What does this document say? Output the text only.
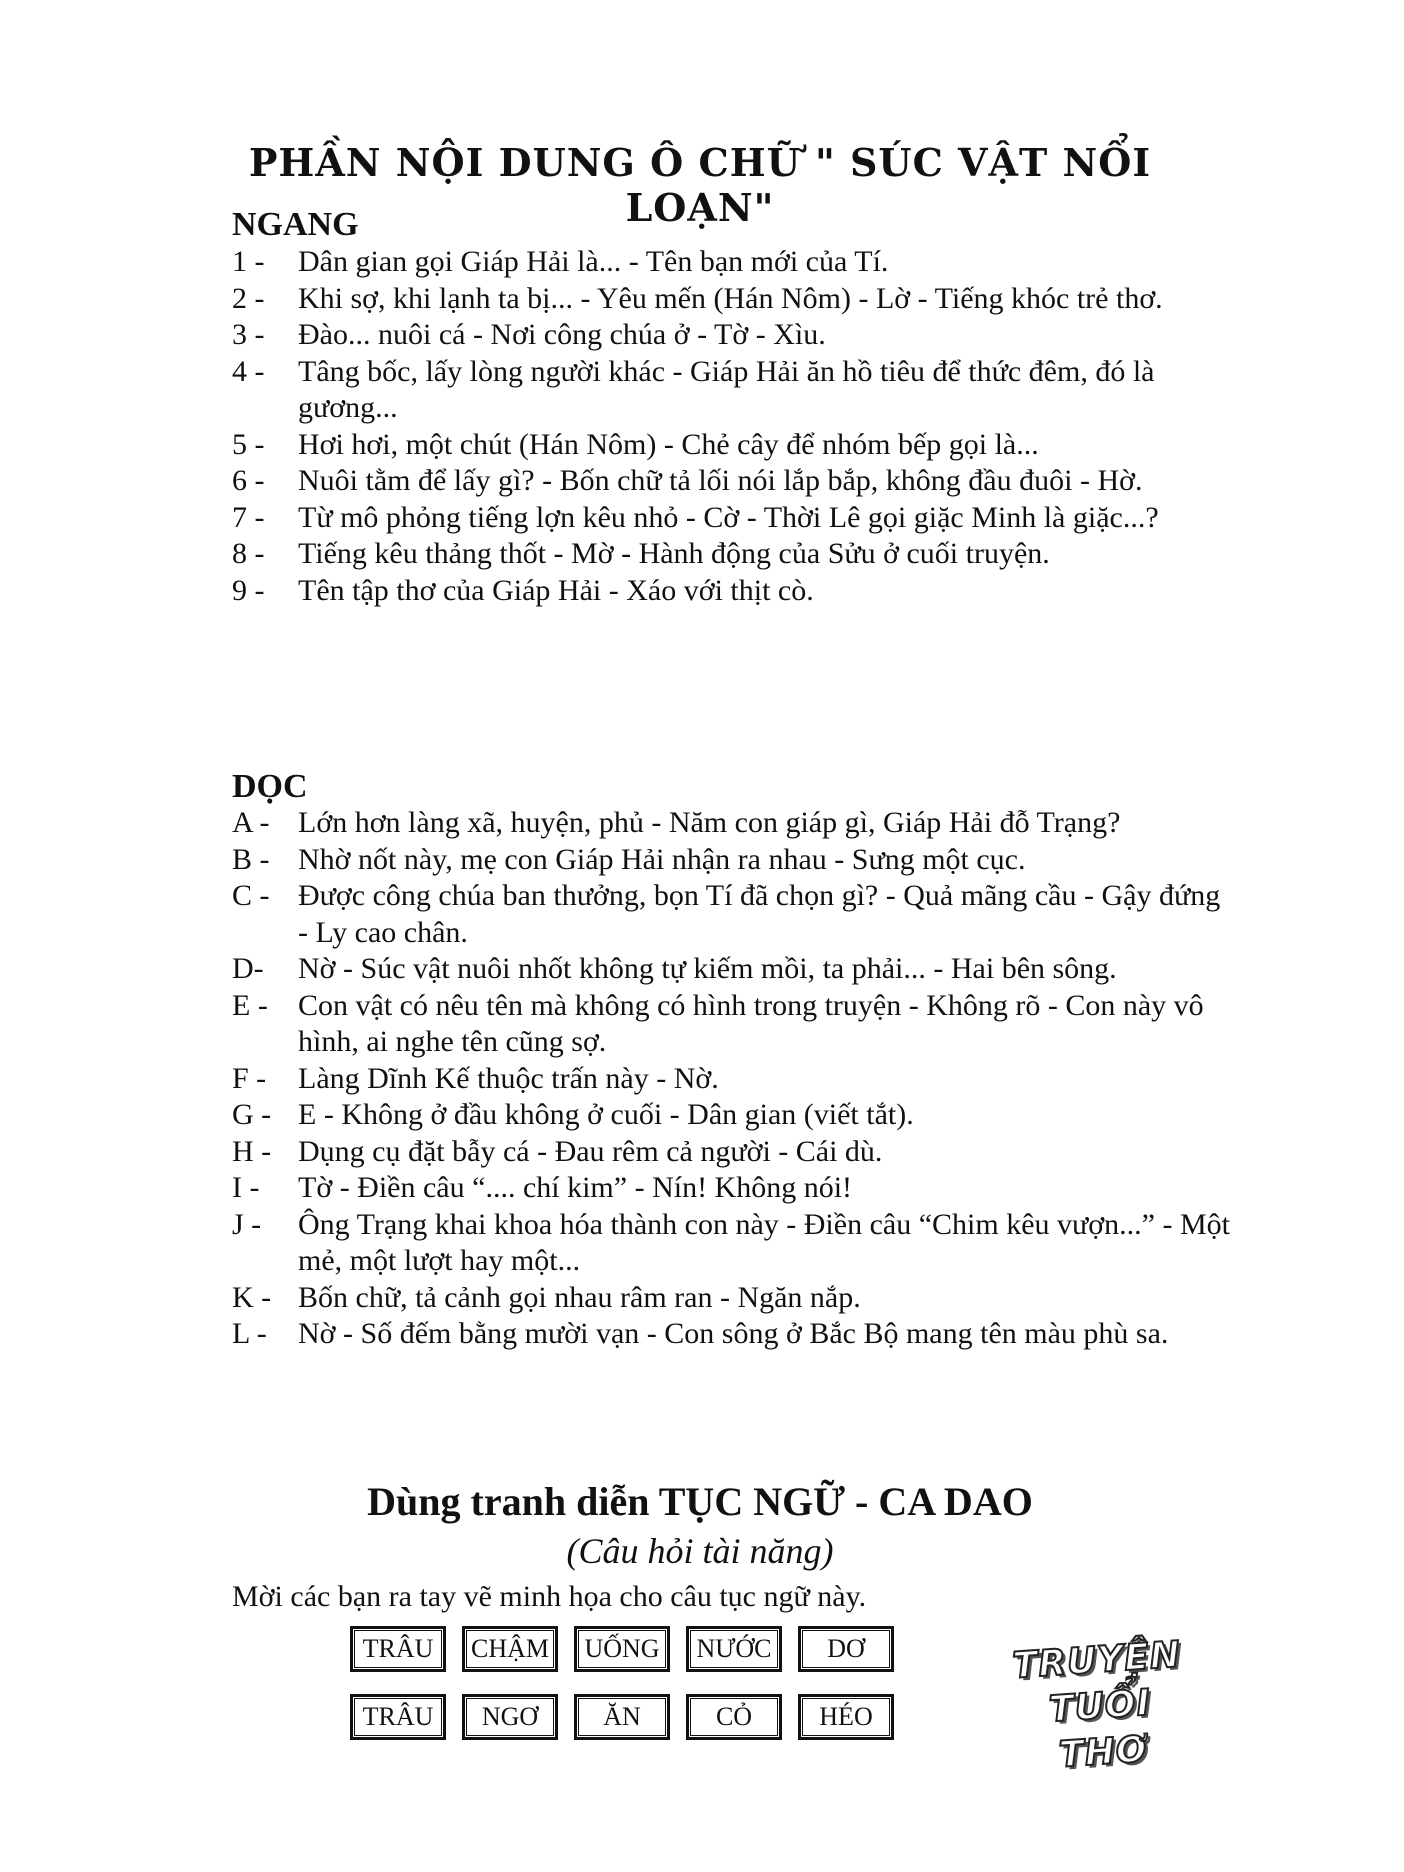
PHẦN NỘI DUNG Ô CHỮ " SÚC VẬT NỔI LOẠN"
NGANG
1 -	Dân gian gọi Giáp Hải là... - Tên bạn mới của Tí.
2 -	Khi sợ, khi lạnh ta bị... - Yêu mến (Hán Nôm) - Lờ - Tiếng khóc trẻ thơ.
3 -	Đào... nuôi cá - Nơi công chúa ở - Tờ - Xìu.
4 -	Tâng bốc, lấy lòng người khác - Giáp Hải ăn hồ tiêu để thức đêm, đó là gương...
5 -	Hơi hơi, một chút (Hán Nôm) - Chẻ cây để nhóm bếp gọi là...
6 -	Nuôi tằm để lấy gì? - Bốn chữ tả lối nói lắp bắp, không đầu đuôi - Hờ.
7 -	Từ mô phỏng tiếng lợn kêu nhỏ - Cờ - Thời Lê gọi giặc Minh là giặc...?
8 -	Tiếng kêu thảng thốt - Mờ - Hành động của Sửu ở cuối truyện.
9 -	Tên tập thơ của Giáp Hải - Xáo với thịt cò.
DỌC
A - Lớn hơn làng xã, huyện, phủ - Năm con giáp gì, Giáp Hải đỗ Trạng?
B - Nhờ nốt này, mẹ con Giáp Hải nhận ra nhau - Sưng một cục.
C - Được công chúa ban thưởng, bọn Tí đã chọn gì? - Quả mãng cầu - Gậy đứng - Ly cao chân.
D-	Nờ - Súc vật nuôi nhốt không tự kiếm mồi, ta phải... - Hai bên sông.
E -	Con vật có nêu tên mà không có hình trong truyện - Không rõ - Con này vô hình, ai nghe tên cũng sợ.
F -	Làng Dĩnh Kế thuộc trấn này - Nờ.
G - E - Không ở đầu không ở cuối - Dân gian (viết tắt).
H - Dụng cụ đặt bẫy cá - Đau rêm cả người - Cái dù.
I -	Tờ - Điền câu “.... chí kim” - Nín! Không nói!
J -	Ông Trạng khai khoa hóa thành con này - Điền câu “Chim kêu vượn...” - Một mẻ, một lượt hay một...
K - Bốn chữ, tả cảnh gọi nhau râm ran - Ngăn nắp.
L -	Nờ - Số đếm bằng mười vạn - Con sông ở Bắc Bộ mang tên màu phù sa.
Dùng tranh diễn TỤC NGỮ - CA DAO
(Câu hỏi tài năng)
Mời các bạn ra tay vẽ minh họa cho câu tục ngữ này.
TRÂU	CHẬM	UỐNG	NƯỚC	DƠ
TRÂU	NGƠ	ĂN	CỎ	HÉO
TRUYỆN
TUỔI THƠ
